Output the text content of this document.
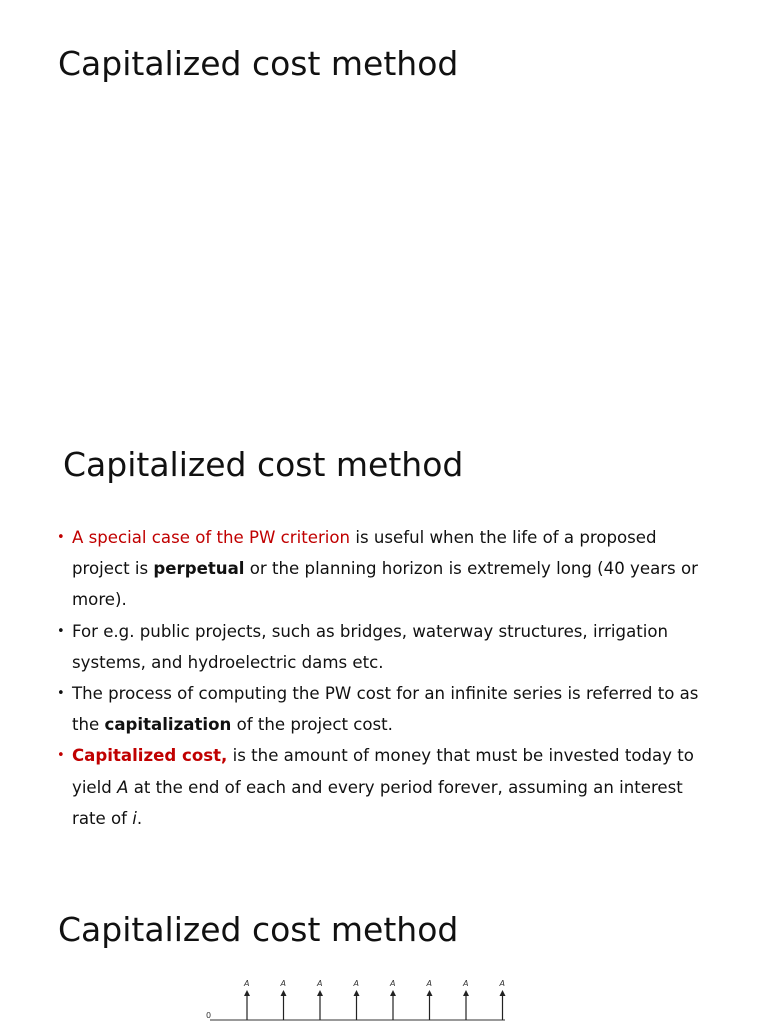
Capitalized cost method
Capitalized cost method
• A special case of the PW criterion is useful when the life of a proposed project is perpetual or the planning horizon is extremely long (40 years or more).
• For e.g. public projects, such as bridges, waterway structures, irrigation systems, and hydroelectric dams etc.
• The process of computing the PW cost for an infinite series is referred to as the capitalization of the project cost.
• Capitalized cost, is the amount of money that must be invested today to yield A at the end of each and every period forever, assuming an interest rate of i.
Capitalized cost method
0
A	A	A	A	A	A	A	A
